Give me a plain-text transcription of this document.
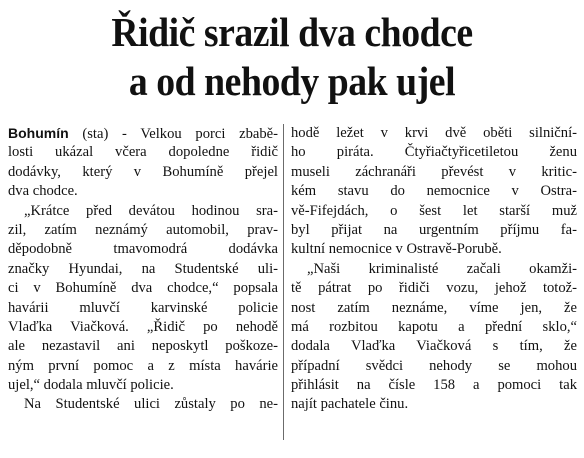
Řidič srazil dva chodce
a od nehody pak ujel
Bohumín (sta) - Velkou porci zbabě-
losti ukázal včera dopoledne řidič
dodávky, který v Bohumíně přejel
dva chodce.
„Krátce před devátou hodinou sra-
zil, zatím neznámý automobil, prav-
děpodobně tmavomodrá dodávka
značky Hyundai, na Studentské uli-
ci v Bohumíně dva chodce,“ popsala
havárii mluvčí karvinské policie
Vlaďka Viačková. „Řidič po nehodě
ale nezastavil ani neposkytl poškoze-
ným první pomoc a z místa havárie
ujel,“ dodala mluvčí policie.
Na Studentské ulici zůstaly po ne-
hodě ležet v krvi dvě oběti silniční-
ho piráta. Čtyřiačtyřicetiletou ženu
museli záchranáři převést v kritic-
kém stavu do nemocnice v Ostra-
vě-Fifejdách, o šest let starší muž
byl přijat na urgentním příjmu fa-
kultní nemocnice v Ostravě-Porubě.
„Naši kriminalisté začali okamži-
tě pátrat po řidiči vozu, jehož totož-
nost zatím neznáme, víme jen, že
má rozbitou kapotu a přední sklo,“
dodala Vlaďka Viačková s tím, že
případní svědci nehody se mohou
přihlásit na čísle 158 a pomoci tak
najít pachatele činu.
